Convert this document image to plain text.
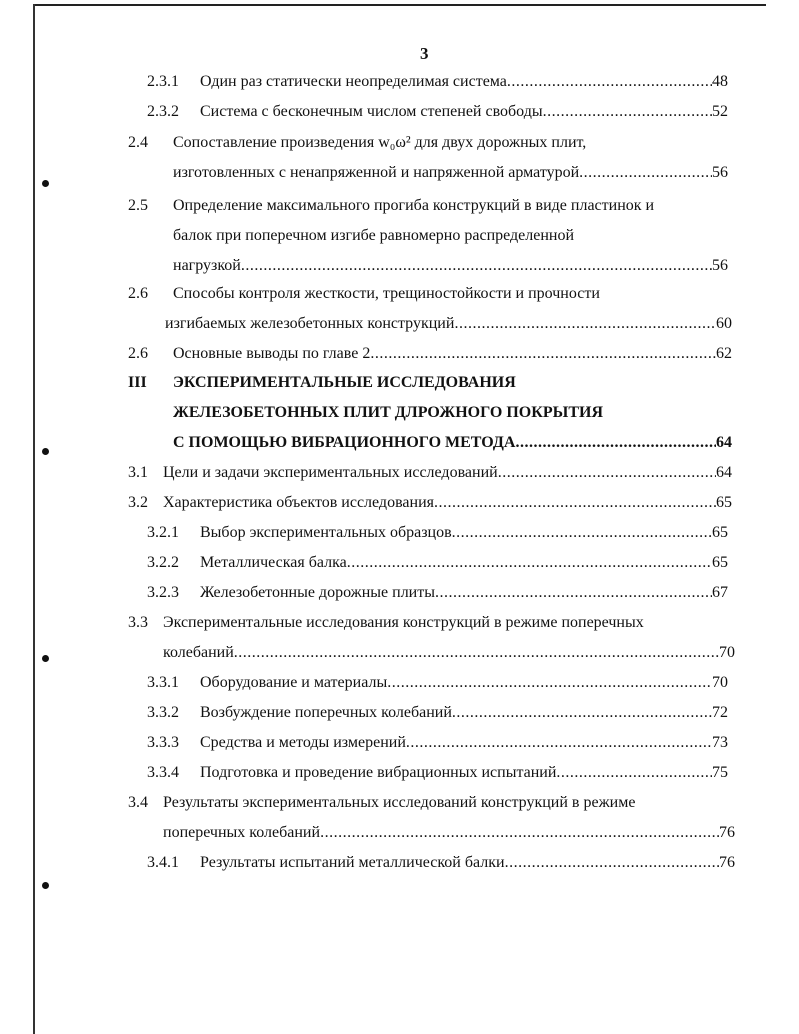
3
2.3.1 Один раз статически неопределимая система .....	48
2.3.2 Система с бесконечным числом степеней свободы .....	52
2.4 Сопоставление произведения w₀ω² для двух дорожных плит,
изготовленных с ненапряженной и напряженной арматурой .....	56
2.5 Определение максимального прогиба конструкций в виде пластинок и
балок при поперечном изгибе равномерно распределенной
нагрузкой .....	56
2.6 Способы контроля жесткости, трещиностойкости и прочности
изгибаемых железобетонных конструкций .....	60
2.6 Основные выводы по главе 2 .....	62
III ЭКСПЕРИМЕНТАЛЬНЫЕ ИССЛЕДОВАНИЯ
ЖЕЛЕЗОБЕТОННЫХ ПЛИТ ДЛРОЖНОГО ПОКРЫТИЯ
С ПОМОЩЬЮ ВИБРАЦИОННОГО МЕТОДА .....	64
3.1 Цели и задачи экспериментальных исследований .....	64
3.2 Характеристика объектов исследования .....	65
3.2.1 Выбор экспериментальных образцов .....	65
3.2.2 Металлическая балка .....	65
3.2.3 Железобетонные дорожные плиты .....	67
3.3 Экспериментальные исследования конструкций в режиме поперечных
колебаний .....	70
3.3.1 Оборудование и материалы .....	70
3.3.2 Возбуждение поперечных колебаний .....	72
3.3.3 Средства и методы измерений .....	73
3.3.4 Подготовка и проведение вибрационных испытаний .....	75
3.4 Результаты экспериментальных исследований конструкций в режиме
поперечных колебаний .....	76
3.4.1 Результаты испытаний металлической балки .....	76
